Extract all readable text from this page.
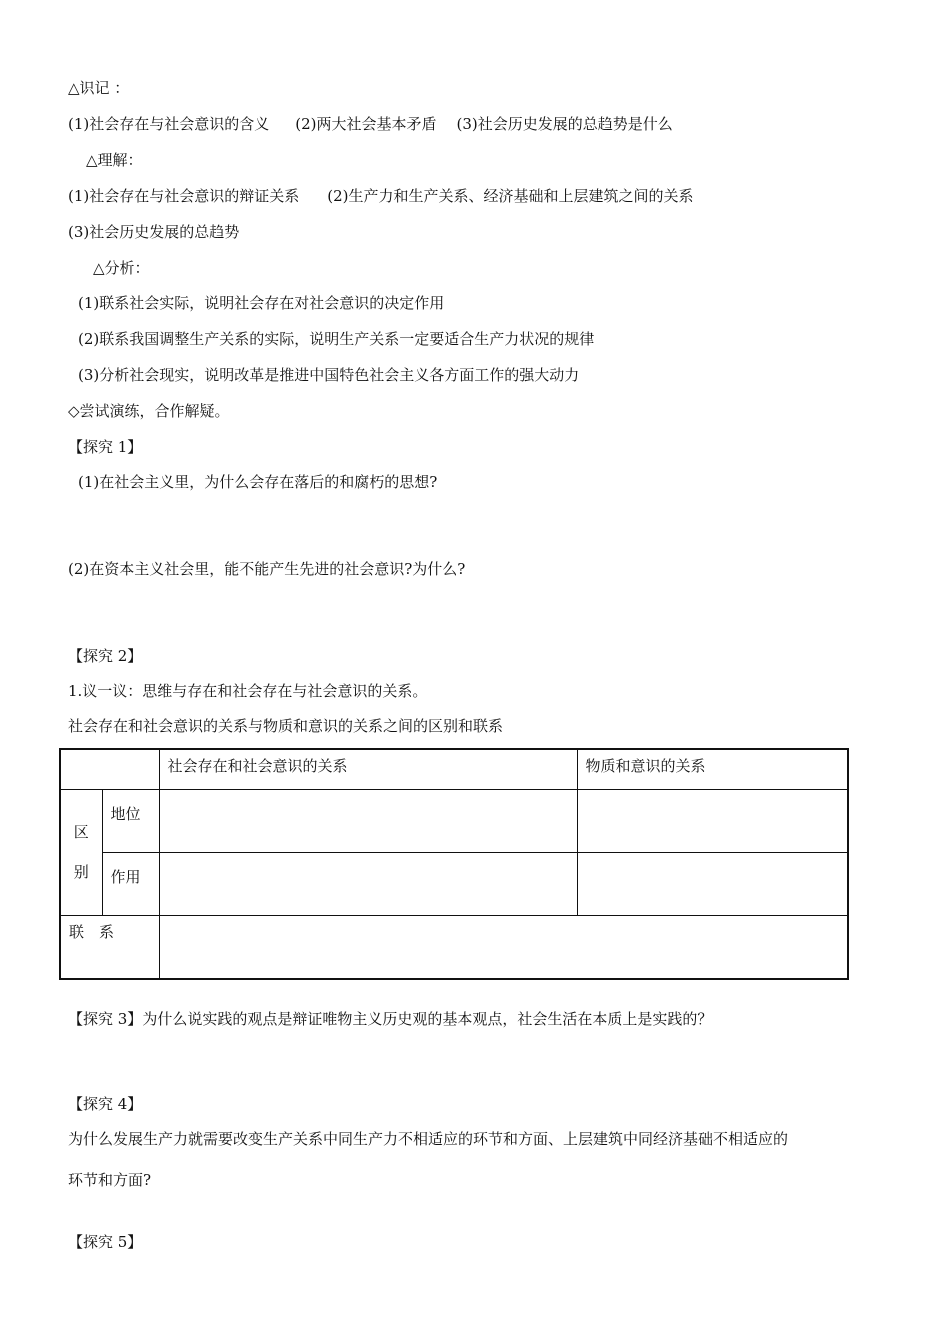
△识记 ：
(1)社会存在与社会意识的含义 (2)两大社会基本矛盾 (3)社会历史发展的总趋势是什么
△理解：
(1)社会存在与社会意识的辩证关系 (2)生产力和生产关系、经济基础和上层建筑之间的关系
(3)社会历史发展的总趋势
△分析：
(1)联系社会实际，说明社会存在对社会意识的决定作用
(2)联系我国调整生产关系的实际，说明生产关系一定要适合生产力状况的规律
(3)分析社会现实，说明改革是推进中国特色社会主义各方面工作的强大动力
◇尝试演练，合作解疑。
【探究 1】
(1)在社会主义里，为什么会存在落后的和腐朽的思想?
(2)在资本主义社会里，能不能产生先进的社会意识?为什么?
【探究 2】
1.议一议：思维与存在和社会存在与社会意识的关系。
社会存在和社会意识的关系与物质和意识的关系之间的区别和联系
		社会存在和社会意识的关系	物质和意识的关系

区
别	地位		
	作用		
联　系			
【探究 3】为什么说实践的观点是辩证唯物主义历史观的基本观点，社会生活在本质上是实践的？
【探究 4】
为什么发展生产力就需要改变生产关系中同生产力不相适应的环节和方面、上层建筑中同经济基础不相适应的
环节和方面?
【探究 5】
